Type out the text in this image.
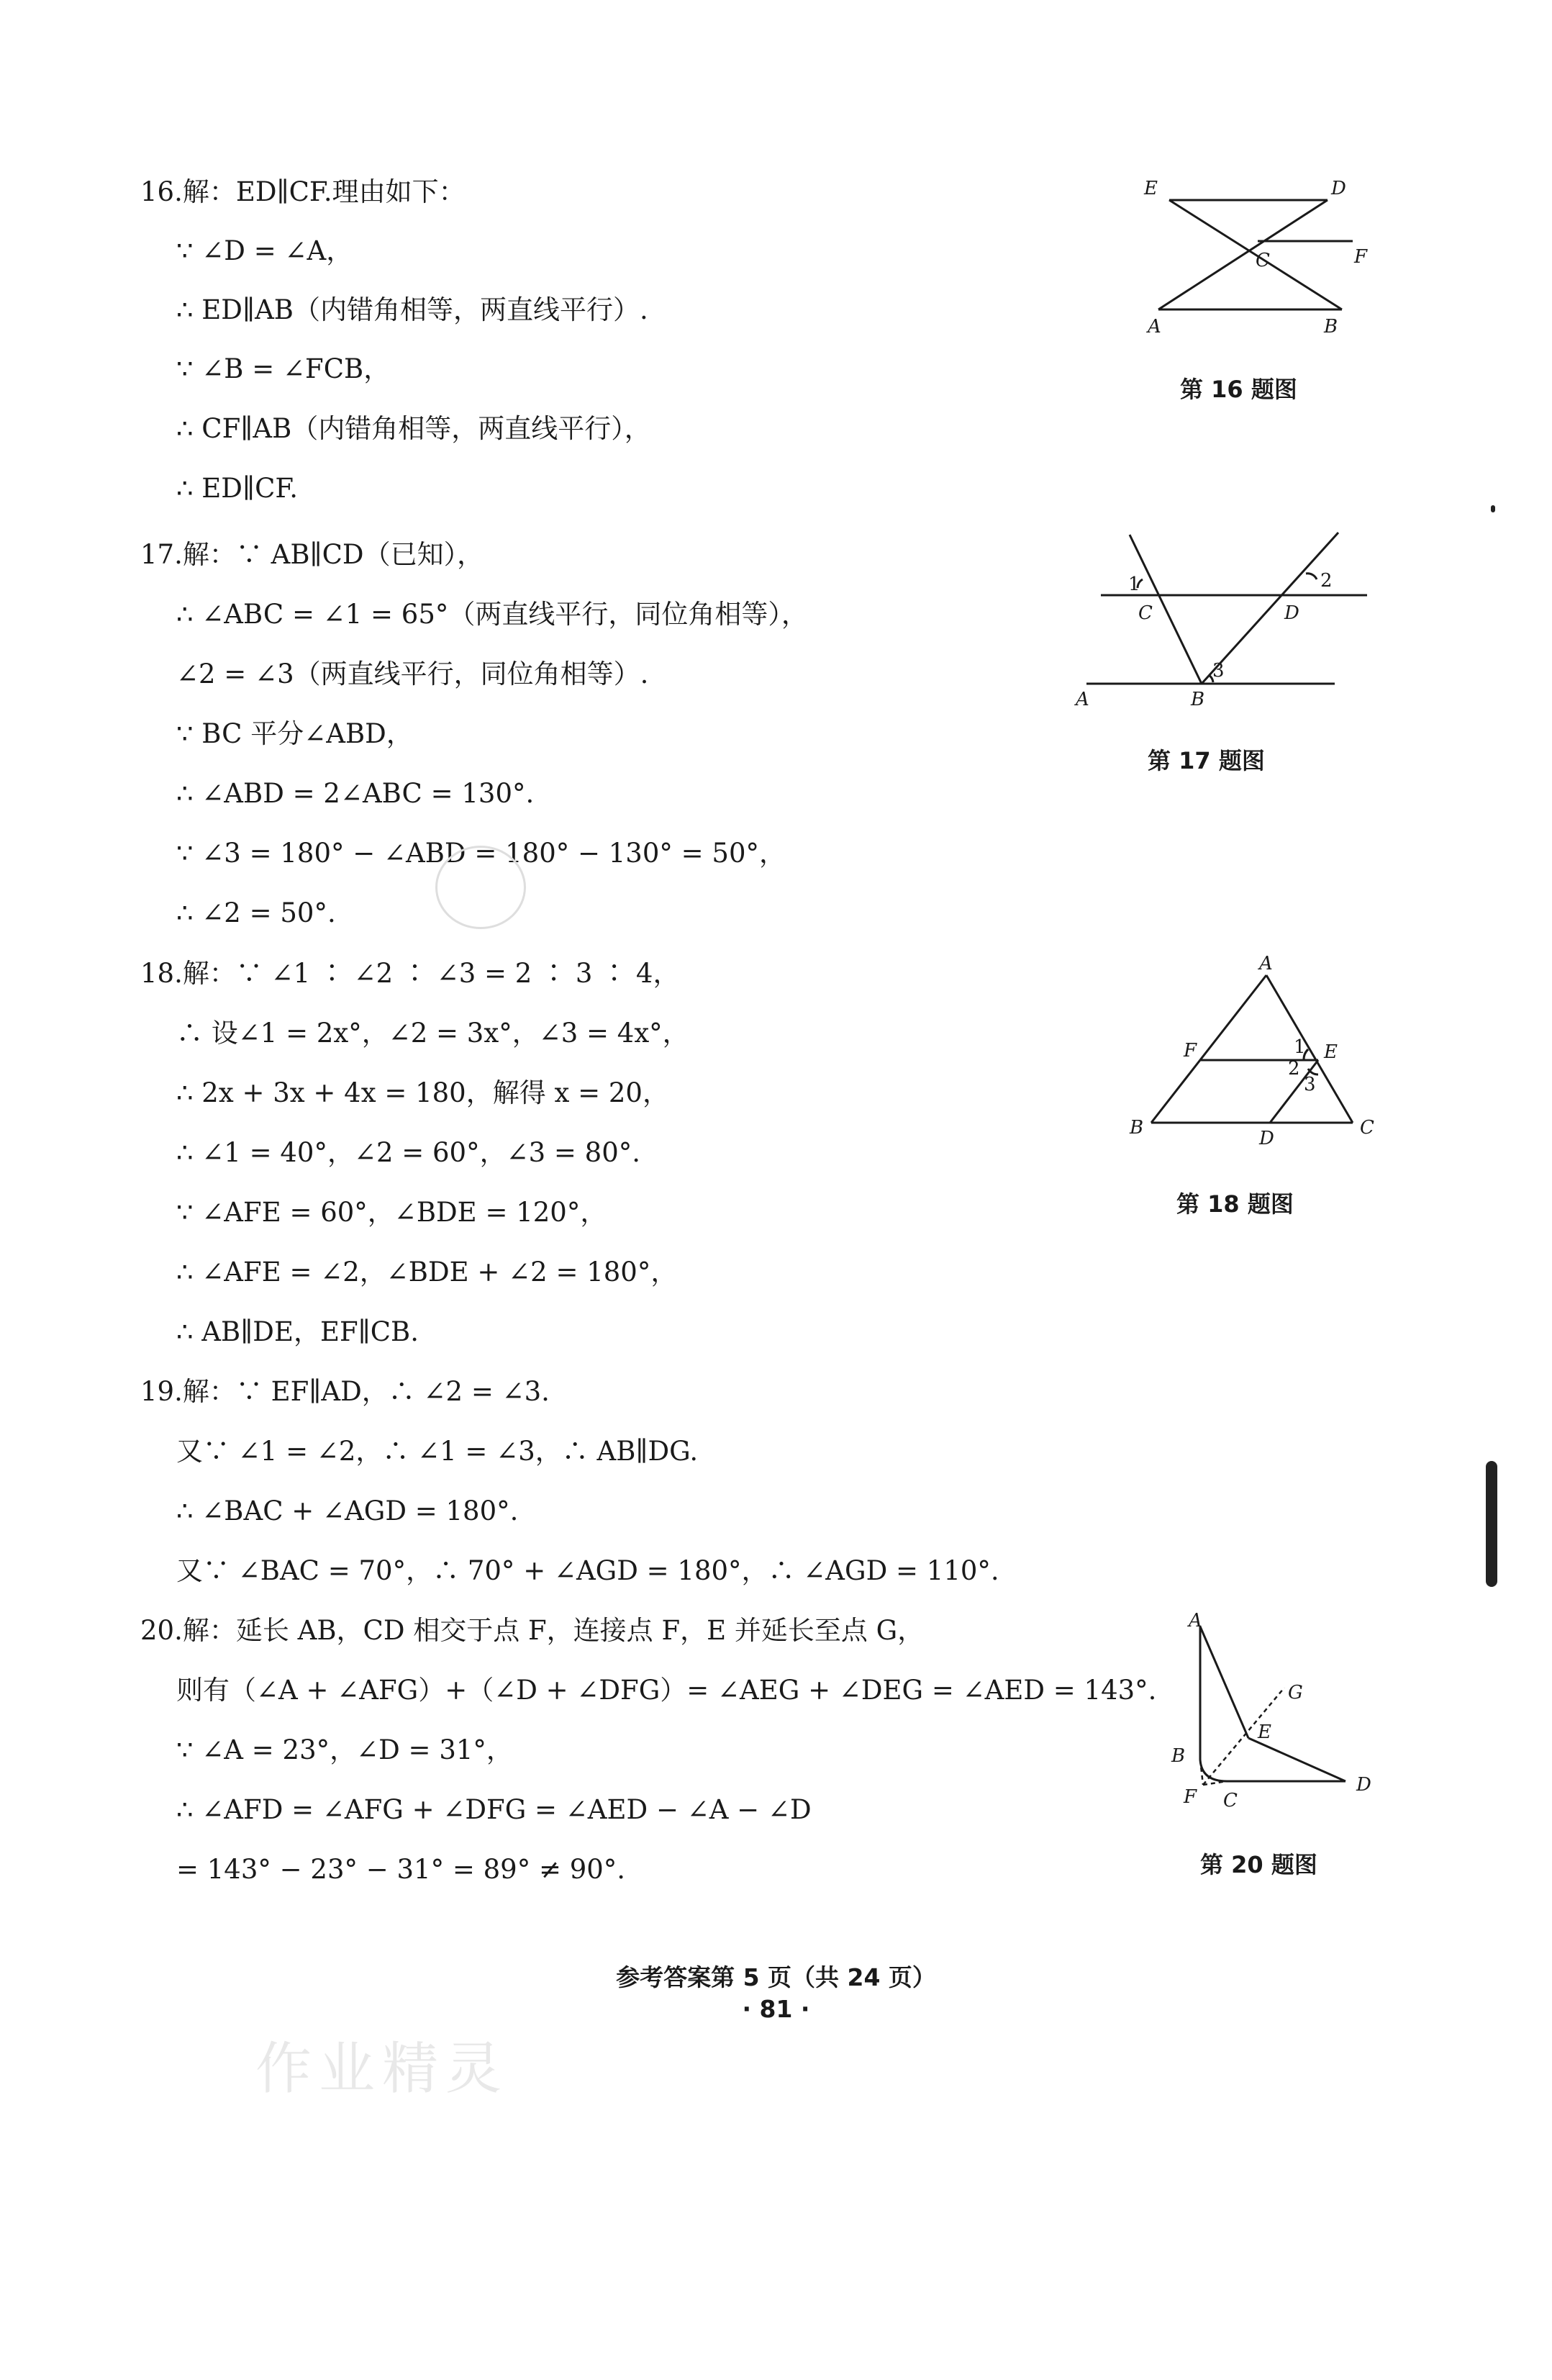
16.解：ED∥CF.理由如下：
∵ ∠D = ∠A，
∴ ED∥AB（内错角相等，两直线平行）.
∵ ∠B = ∠FCB，
∴ CF∥AB（内错角相等，两直线平行），
∴ ED∥CF.
E	D
C	F
A	B
第 16 题图
17.解：∵ AB∥CD（已知），
∴ ∠ABC = ∠1 = 65°（两直线平行，同位角相等），
∠2 = ∠3（两直线平行，同位角相等）.
∵ BC 平分∠ABD，
∴ ∠ABD = 2∠ABC = 130°.
∵ ∠3 = 180° − ∠ABD = 180° − 130° = 50°，
∴ ∠2 = 50°.
1	2
C	D
3
A	B
第 17 题图
18.解：∵ ∠1 ∶ ∠2 ∶ ∠3 = 2 ∶ 3 ∶ 4，
∴ 设∠1 = 2x°，∠2 = 3x°，∠3 = 4x°，
∴ 2x + 3x + 4x = 180，解得 x = 20，
∴ ∠1 = 40°，∠2 = 60°，∠3 = 80°.
∵ ∠AFE = 60°，∠BDE = 120°，
∴ ∠AFE = ∠2，∠BDE + ∠2 = 180°，
∴ AB∥DE，EF∥CB.
A
F	1 E
2
3
B	D	C
第 18 题图
19.解：∵ EF∥AD，∴ ∠2 = ∠3.
又∵ ∠1 = ∠2，∴ ∠1 = ∠3，∴ AB∥DG.
∴ ∠BAC + ∠AGD = 180°.
又∵ ∠BAC = 70°，∴ 70° + ∠AGD = 180°，∴ ∠AGD = 110°.
20.解：延长 AB，CD 相交于点 F，连接点 F，E 并延长至点 G，
则有（∠A + ∠AFG）+（∠D + ∠DFG）= ∠AEG + ∠DEG = ∠AED = 143°.
∵ ∠A = 23°，∠D = 31°，
∴ ∠AFD = ∠AFG + ∠DFG = ∠AED − ∠A − ∠D
= 143° − 23° − 31° = 89° ≠ 90°.
A
G
E
B
F C
D
第 20 题图
参考答案第 5 页（共 24 页）
· 81 ·
作业精灵
